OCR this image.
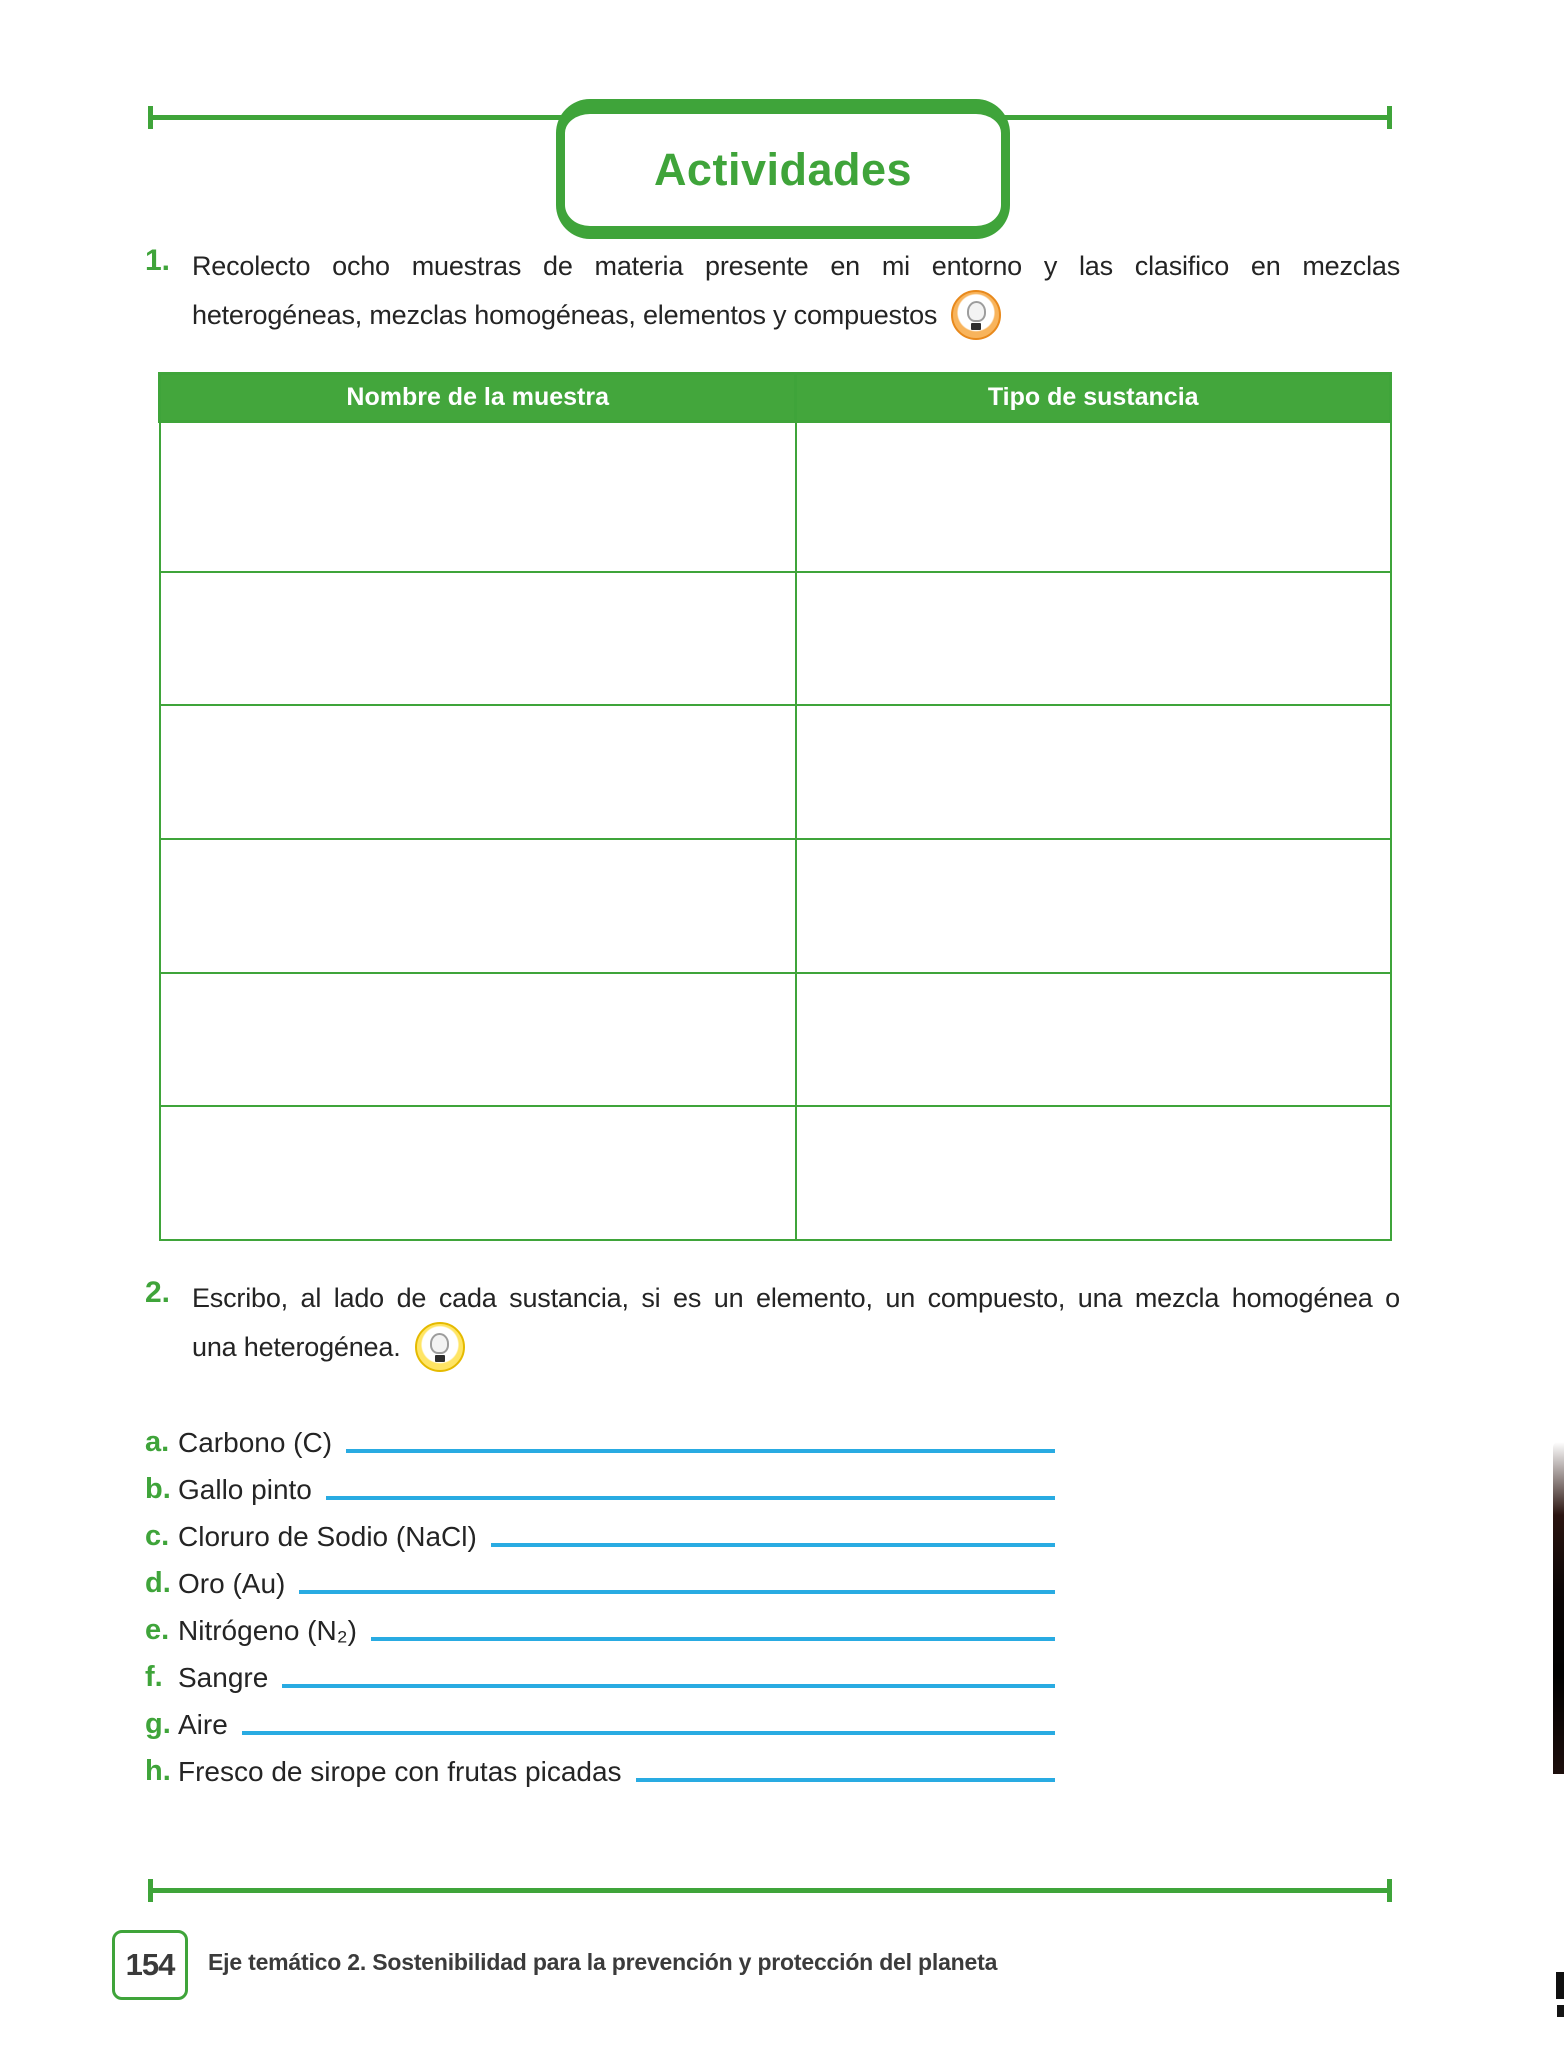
Actividades
1. Recolecto ocho muestras de materia presente en mi entorno y las clasifico en mezclas
heterogéneas, mezclas homogéneas, elementos y compuestos
Nombre de la muestra	Tipo de sustancia

2. Escribo, al lado de cada sustancia, si es un elemento, un compuesto, una mezcla homogénea o
una heterogénea.
a. Carbono (C)
b. Gallo pinto
c. Cloruro de Sodio (NaCl)
d. Oro (Au)
e. Nitrógeno (N₂)
f. Sangre
g. Aire
h. Fresco de sirope con frutas picadas
154 Eje temático 2. Sostenibilidad para la prevención y protección del planeta
